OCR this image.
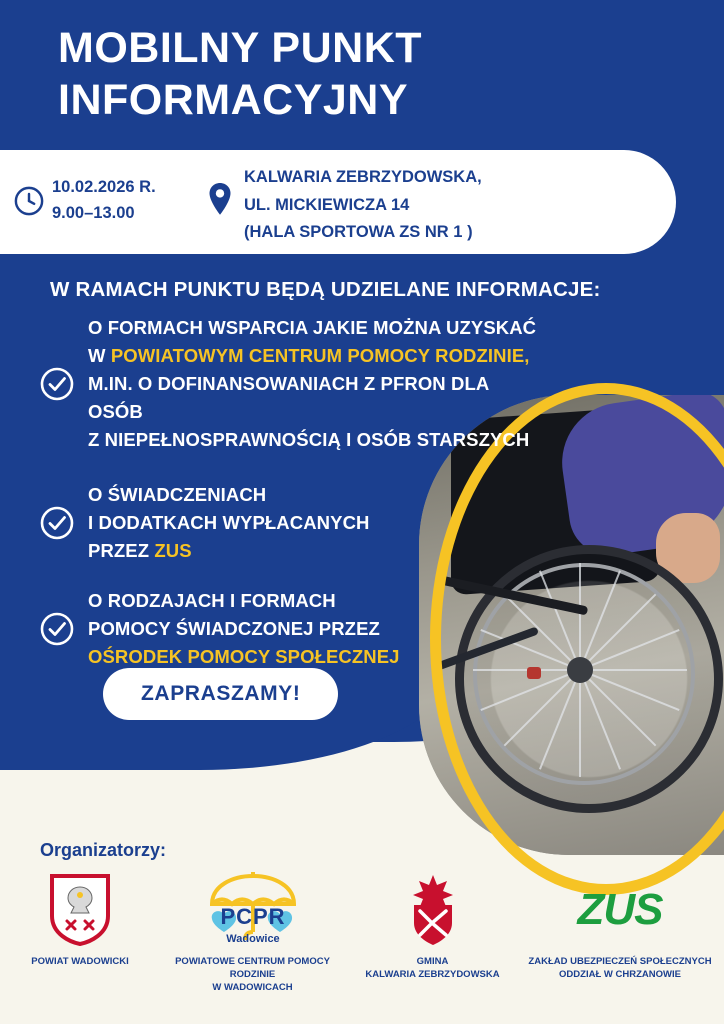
MOBILNY PUNKT
INFORMACYJNY
10.02.2026 R.
9.00–13.00
KALWARIA ZEBRZYDOWSKA,
UL. MICKIEWICZA 14
(HALA SPORTOWA ZS NR 1 )
W RAMACH PUNKTU BĘDĄ UDZIELANE INFORMACJE:
O FORMACH WSPARCIA JAKIE MOŻNA UZYSKAĆ
W POWIATOWYM CENTRUM POMOCY RODZINIE,
M.IN. O DOFINANSOWANIACH Z PFRON DLA OSÓB
Z NIEPEŁNOSPRAWNOŚCIĄ I OSÓB STARSZYCH
O ŚWIADCZENIACH
I DODATKACH WYPŁACANYCH
PRZEZ ZUS
O RODZAJACH I FORMACH
POMOCY ŚWIADCZONEJ PRZEZ
OŚRODEK POMOCY SPOŁECZNEJ
ZAPRASZAMY!
Organizatorzy:
POWIAT WADOWICKI
PCPR
Wadowice
POWIATOWE CENTRUM POMOCY RODZINIE
W WADOWICACH
GMINA
KALWARIA ZEBRZYDOWSKA
ZUS
ZAKŁAD UBEZPIECZEŃ SPOŁECZNYCH
ODDZIAŁ W CHRZANOWIE
